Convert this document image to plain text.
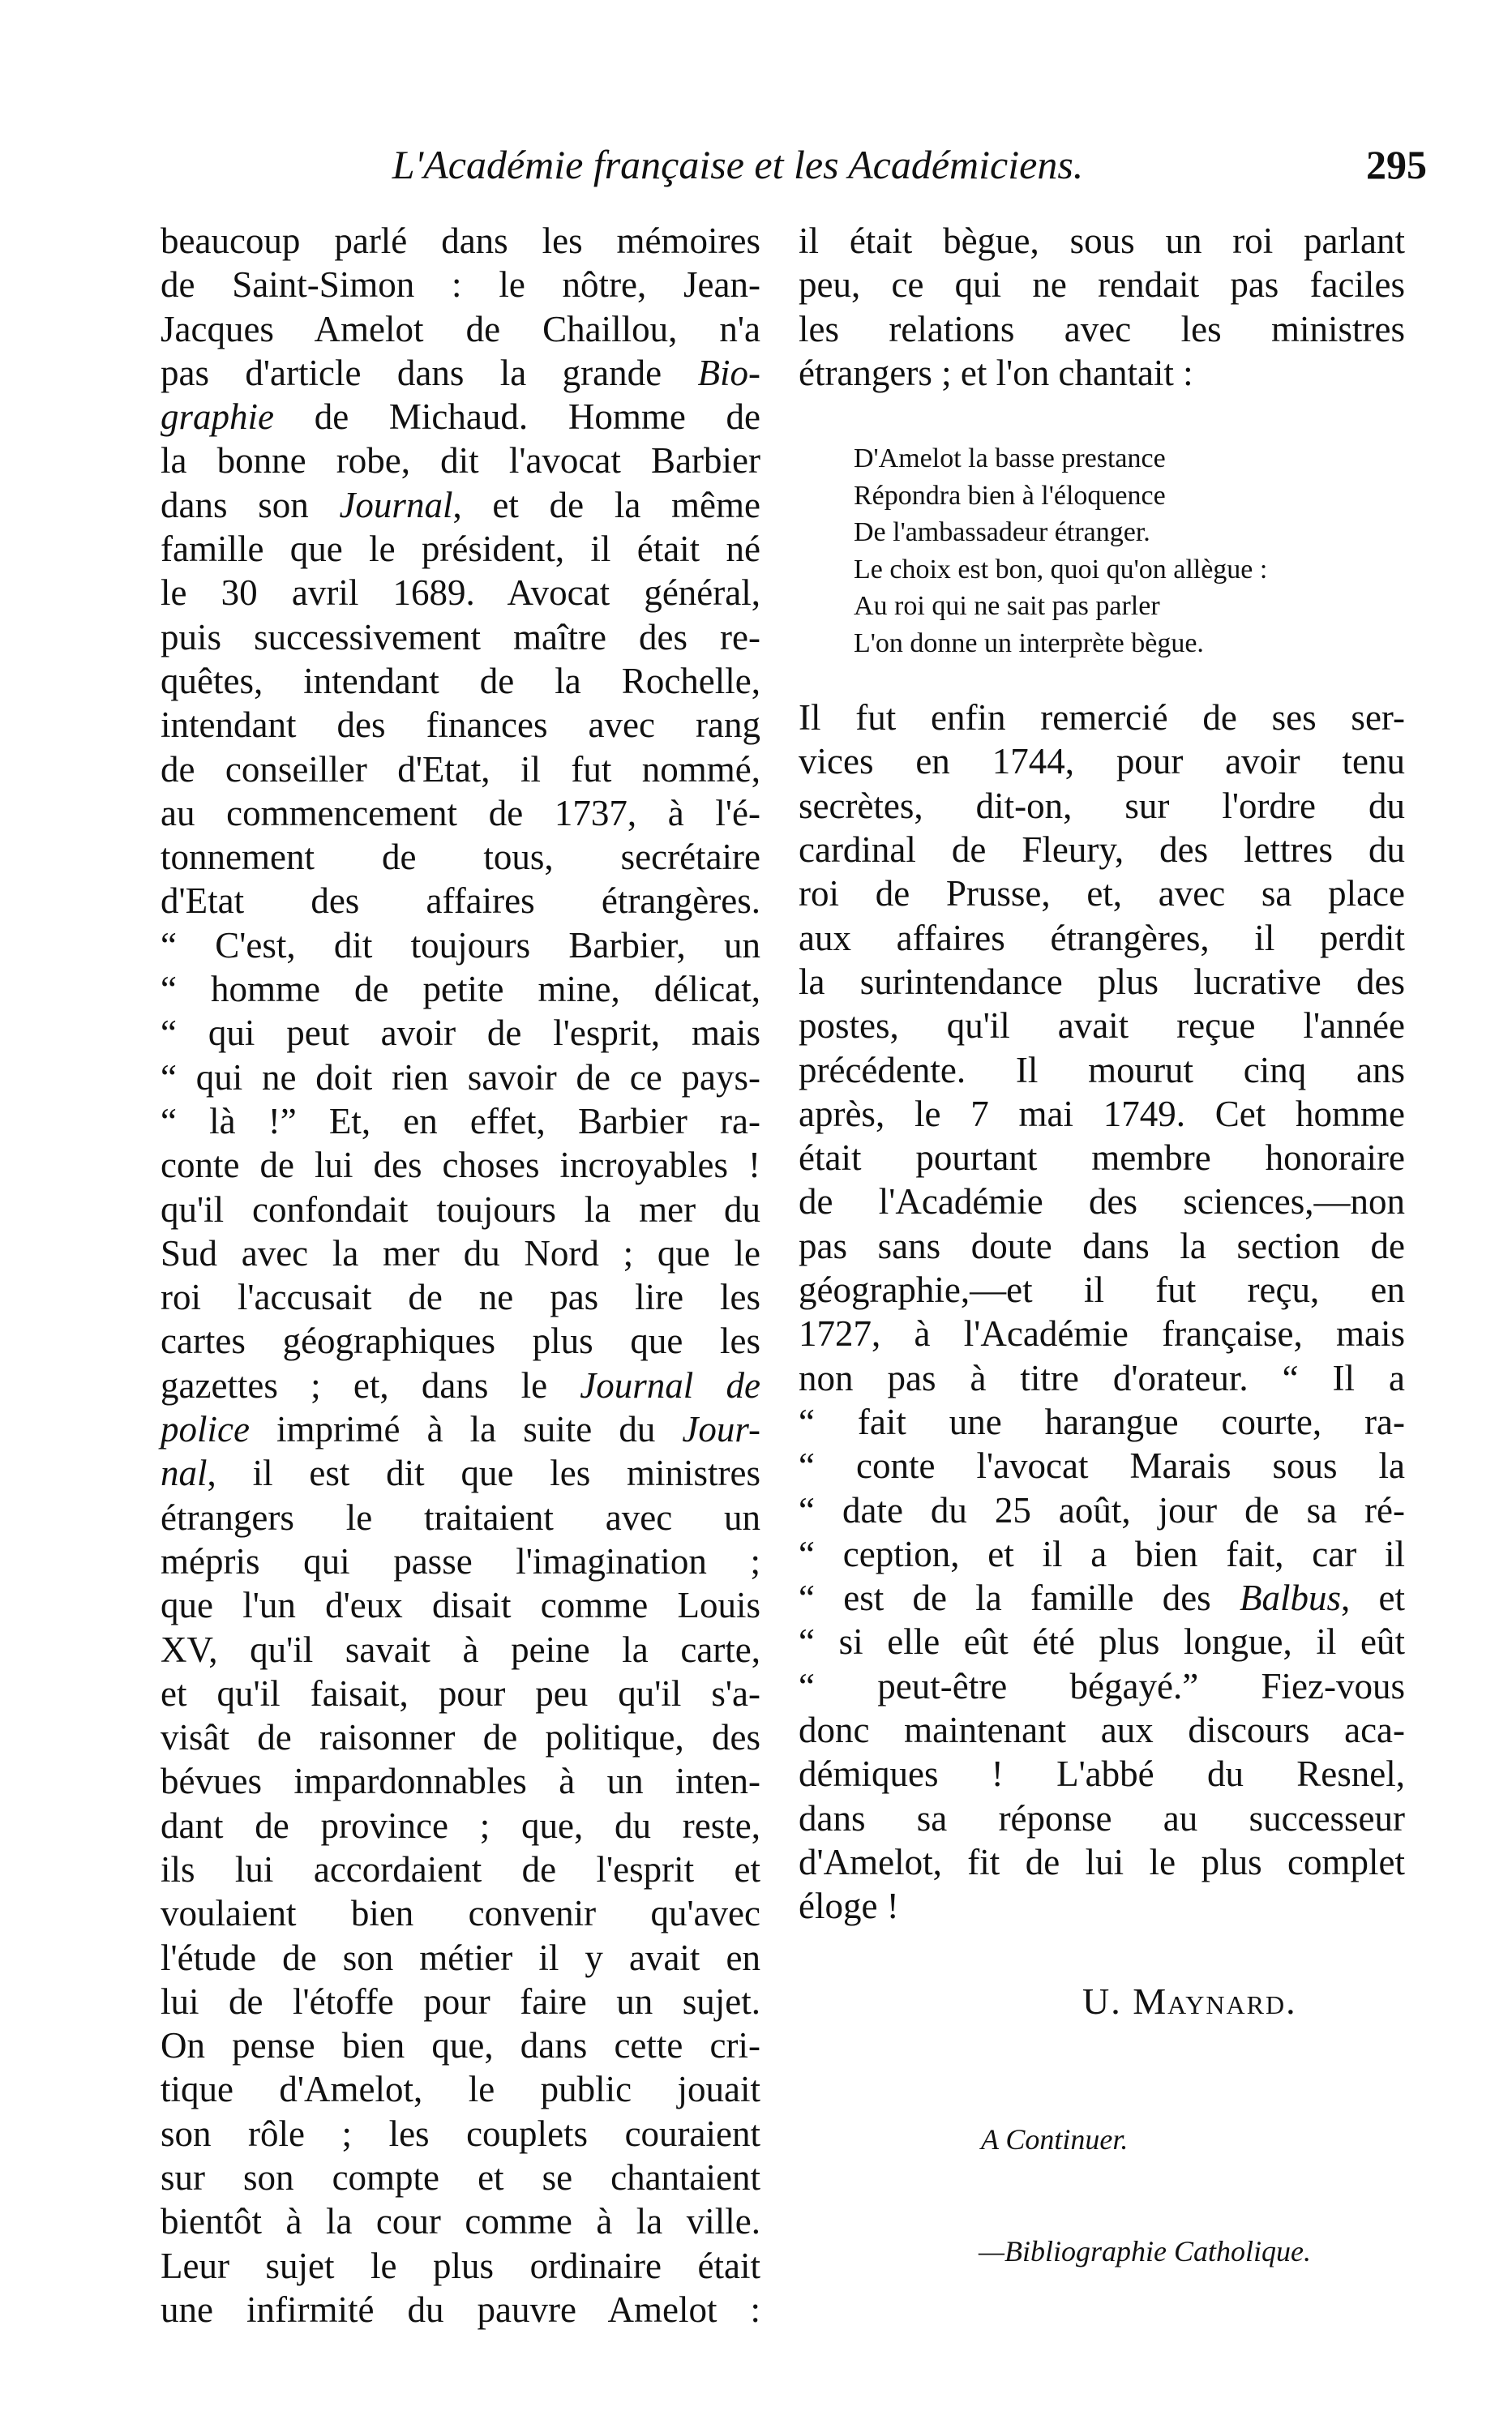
L'Académie française et les Académiciens.	295
beaucoup parlé dans les mémoires
de Saint-Simon : le nôtre, Jean-
Jacques Amelot de Chaillou, n'a
pas d'article dans la grande Bio-
graphie de Michaud. Homme de
la bonne robe, dit l'avocat Barbier
dans son Journal, et de la même
famille que le président, il était né
le 30 avril 1689. Avocat général,
puis successivement maître des re-
quêtes, intendant de la Rochelle,
intendant des finances avec rang
de conseiller d'Etat, il fut nommé,
au commencement de 1737, à l'é-
tonnement de tous, secrétaire
d'Etat des affaires étrangères.
“ C'est, dit toujours Barbier, un
“ homme de petite mine, délicat,
“ qui peut avoir de l'esprit, mais
“ qui ne doit rien savoir de ce pays-
“ là !” Et, en effet, Barbier ra-
conte de lui des choses incroyables !
qu'il confondait toujours la mer du
Sud avec la mer du Nord ; que le
roi l'accusait de ne pas lire les
cartes géographiques plus que les
gazettes ; et, dans le Journal de
police imprimé à la suite du Jour-
nal, il est dit que les ministres
étrangers le traitaient avec un
mépris qui passe l'imagination ;
que l'un d'eux disait comme Louis
XV, qu'il savait à peine la carte,
et qu'il faisait, pour peu qu'il s'a-
visât de raisonner de politique, des
bévues impardonnables à un inten-
dant de province ; que, du reste,
ils lui accordaient de l'esprit et
voulaient bien convenir qu'avec
l'étude de son métier il y avait en
lui de l'étoffe pour faire un sujet.
On pense bien que, dans cette cri-
tique d'Amelot, le public jouait
son rôle ; les couplets couraient
sur son compte et se chantaient
bientôt à la cour comme à la ville.
Leur sujet le plus ordinaire était
une infirmité du pauvre Amelot :
il était bègue, sous un roi parlant
peu, ce qui ne rendait pas faciles
les relations avec les ministres
étrangers ; et l'on chantait :
D'Amelot la basse prestance
Répondra bien à l'éloquence
De l'ambassadeur étranger.
Le choix est bon, quoi qu'on allègue :
Au roi qui ne sait pas parler
L'on donne un interprète bègue.
Il fut enfin remercié de ses ser-
vices en 1744, pour avoir tenu
secrètes, dit-on, sur l'ordre du
cardinal de Fleury, des lettres du
roi de Prusse, et, avec sa place
aux affaires étrangères, il perdit
la surintendance plus lucrative des
postes, qu'il avait reçue l'année
précédente. Il mourut cinq ans
après, le 7 mai 1749. Cet homme
était pourtant membre honoraire
de l'Académie des sciences,—non
pas sans doute dans la section de
géographie,—et il fut reçu, en
1727, à l'Académie française, mais
non pas à titre d'orateur. “ Il a
“ fait une harangue courte, ra-
“ conte l'avocat Marais sous la
“ date du 25 août, jour de sa ré-
“ ception, et il a bien fait, car il
“ est de la famille des Balbus, et
“ si elle eût été plus longue, il eût
“ peut-être bégayé.” Fiez-vous
donc maintenant aux discours aca-
démiques ! L'abbé du Resnel,
dans sa réponse au successeur
d'Amelot, fit de lui le plus complet
éloge !
U. Maynard.
A Continuer.
—Bibliographie Catholique.
